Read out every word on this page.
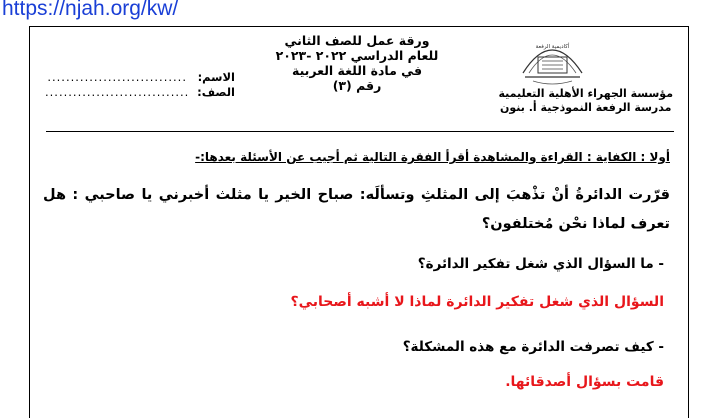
https://njah.org/kw/
أكاديمية الرفعة
مؤسسة الجهراء الأهلية التعليمية
مدرسة الرفعة النموذجية أ. بنون
ورقة عمل للصف الثاني
للعام الدراسي ٢٠٢٢ -٢٠٢٣
في مادة اللغة العربية
رقم (٣)
الاسم:
..............................
الصف:
...............................
أولا : الكفاية : القراءة والمشاهدة أقرأ الفقرة التالية ثم أجيب عن الأسئلة بعدها:-
قرّرت الدائرةُ أنْ تذْهبَ إلى المثلثِ وتسألَه: صباح الخير يا مثلث أخبرني يا صاحبي : هل تعرف لماذا نحْن مُختلفون؟
- ما السؤال الذي شغل تفكير الدائرة؟
السؤال الذي شغل تفكير الدائرة لماذا لا أشبه أصحابي؟
- كيف تصرفت الدائرة مع هذه المشكلة؟
قامت بسؤال أصدقائها.
